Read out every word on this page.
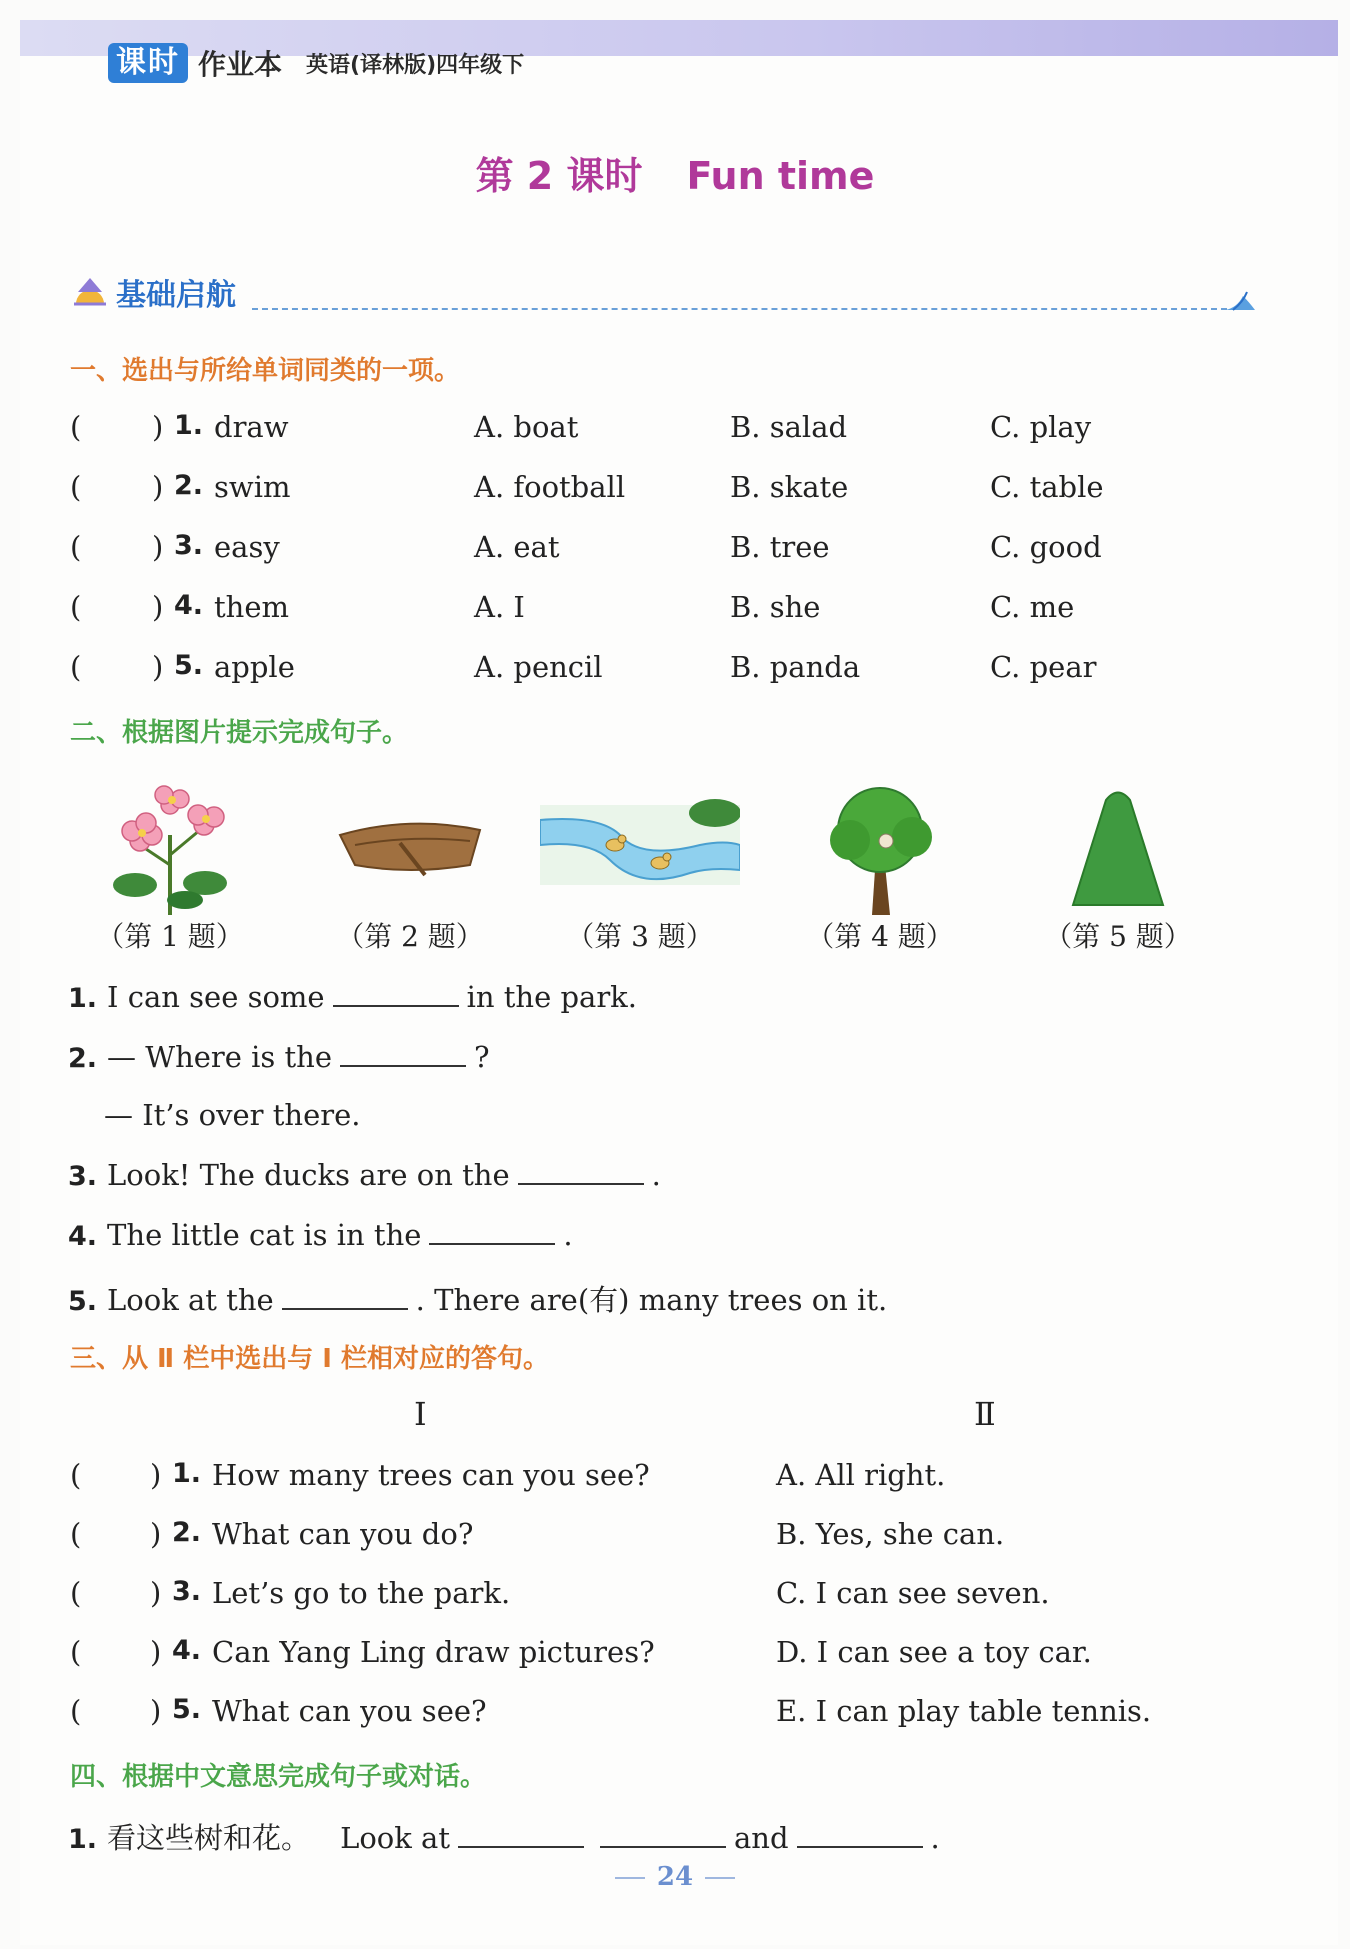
课时 作业本 英语(译林版)四年级下
第 2 课时 Fun time
基础启航
一、选出与所给单词同类的一项。
( ) 1. draw	A. boat	B. salad	C. play
( ) 2. swim	A. football	B. skate	C. table
( ) 3. easy	A. eat	B. tree	C. good
( ) 4. them	A. I	B. she	C. me
( ) 5. apple	A. pencil	B. panda	C. pear
二、根据图片提示完成句子。
（第 1 题）	（第 2 题）	（第 3 题）	（第 4 题）	（第 5 题）
1. I can see some	in the park.
2. — Where is the	?
— It’s over there.
3. Look! The ducks are on the	.
4. The little cat is in the	.
5. Look at the	. There are(有) many trees on it.
三、从 Ⅱ 栏中选出与 Ⅰ 栏相对应的答句。
Ⅰ	Ⅱ
( ) 1. How many trees can you see?	A. All right.
( ) 2. What can you do?	B. Yes, she can.
( ) 3. Let’s go to the park.	C. I can see seven.
( ) 4. Can Yang Ling draw pictures?	D. I can see a toy car.
( ) 5. What can you see?	E. I can play table tennis.
四、根据中文意思完成句子或对话。
1. 看这些树和花。 Look at	and	.
24
